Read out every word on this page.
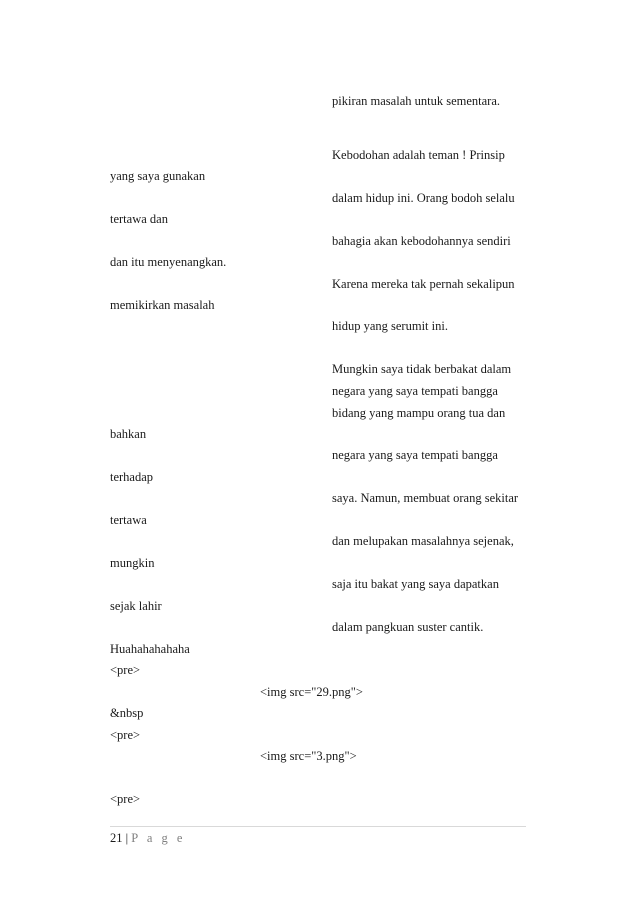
pikiran masalah untuk sementara.
Kebodohan adalah teman ! Prinsip
dalam hidup ini. Orang bodoh selalu
bahagia akan kebodohannya sendiri
Karena mereka tak pernah sekalipun
hidup yang serumit ini.
Mungkin saya tidak berbakat dalam
negara yang saya tempati bangga
bidang yang mampu orang tua dan
negara yang saya tempati bangga
saya. Namun, membuat orang sekitar
dan melupakan masalahnya sejenak,
saja itu bakat yang saya dapatkan
dalam pangkuan suster cantik.
yang saya gunakan
tertawa dan
dan itu menyenangkan.
memikirkan masalah
bahkan
terhadap
tertawa
mungkin
sejak lahir
Huahahahahaha
<pre>
&nbsp
<pre>
<pre>
<img src="29.png">
<img src="3.png">
21 | P a g e
